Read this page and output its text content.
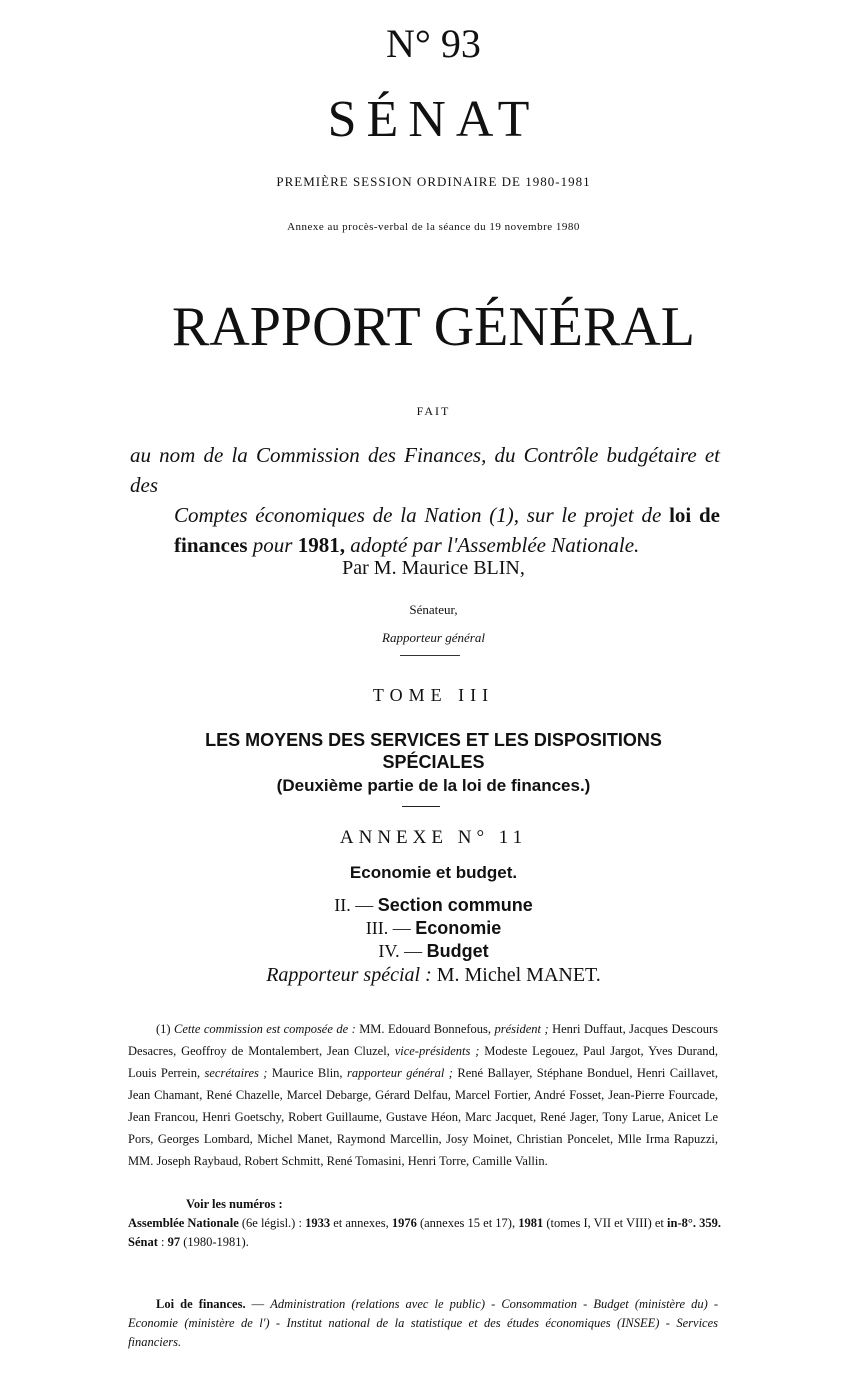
N° 93
SÉNAT
PREMIÈRE SESSION ORDINAIRE DE 1980-1981
Annexe au procès-verbal de la séance du 19 novembre 1980
RAPPORT GÉNÉRAL
FAIT

au nom de la Commission des Finances, du Contrôle budgétaire et des

Comptes économiques de la Nation (1), sur le projet de loi de finances pour 1981, adopté par l'Assemblée Nationale.

Par M. Maurice BLIN,
Sénateur,
Rapporteur général
TOME III
LES MOYENS DES SERVICES ET LES DISPOSITIONS
SPÉCIALES
(Deuxième partie de la loi de finances.)
ANNEXE N° 11
Economie et budget.
II. — Section commune
III. — Economie
IV. — Budget
Rapporteur spécial : M. Michel MANET.
(1) Cette commission est composée de : MM. Edouard Bonnefous, président ; Henri Duffaut, Jacques Descours Desacres, Geoffroy de Montalembert, Jean Cluzel, vice-présidents ; Modeste Legouez, Paul Jargot, Yves Durand, Louis Perrein, secrétaires ; Maurice Blin, rapporteur général ; René Ballayer, Stéphane Bonduel, Henri Caillavet, Jean Chamant, René Chazelle, Marcel Debarge, Gérard Delfau, Marcel Fortier, André Fosset, Jean-Pierre Fourcade, Jean Francou, Henri Goetschy, Robert Guillaume, Gustave Héon, Marc Jacquet, René Jager, Tony Larue, Anicet Le Pors, Georges Lombard, Michel Manet, Raymond Marcellin, Josy Moinet, Christian Poncelet, Mlle Irma Rapuzzi, MM. Joseph Raybaud, Robert Schmitt, René Tomasini, Henri Torre, Camille Vallin.
Voir les numéros :
Assemblée Nationale (6e législ.) : 1933 et annexes, 1976 (annexes 15 et 17), 1981 (tomes I, VII et VIII) et in-8°. 359.
Sénat : 97 (1980-1981).
Loi de finances. — Administration (relations avec le public) - Consommation - Budget (ministère du) - Economie (ministère de l') - Institut national de la statistique et des études économiques (INSEE) - Services financiers.
